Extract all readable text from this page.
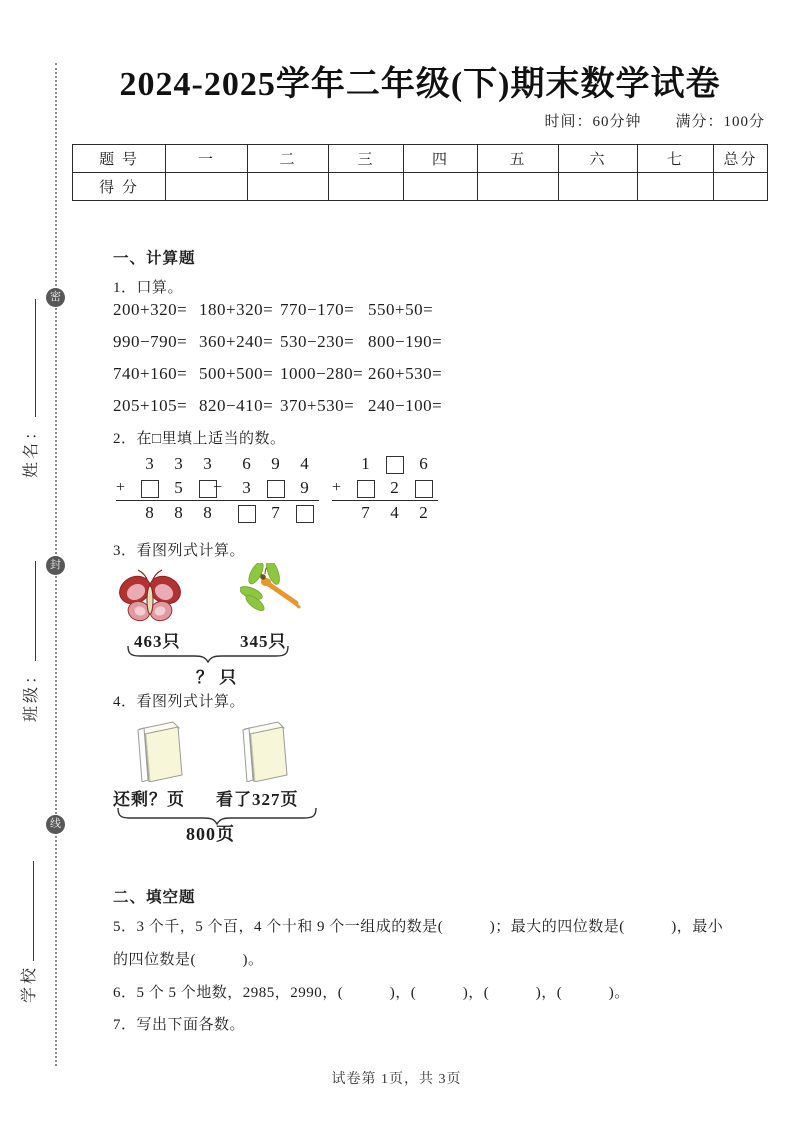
密
封
线
姓名：
班级：
学校
2024-2025学年二年级(下)期末数学试卷
时间：60分钟 满分：100分
题 号	一	二	三	四	五	六	七	总分
得 分								
一、计算题
1．口算。
200+320= 180+320= 770−170= 550+50=
990−790= 360+240= 530−230= 800−190=
740+160= 500+500= 1000−280= 260+530=
205+105= 820−410= 370+530= 240−100=
2．在□里填上适当的数。
	3	3	3
+		5	
	8	8	8
	6	9	4
−	3		9
		7	
	1		6
+		2	
	7	4	2
3．看图列式计算。
463只	345只
？ 只
4．看图列式计算。
还剩？页 看了327页
800页
二、填空题
5．3 个千，5 个百，4 个十和 9 个一组成的数是(　　　)；最大的四位数是(　　　)，最小
的四位数是(　　　)。
6．5 个 5 个地数，2985，2990，(　　　)，(　　　)，(　　　)，(　　　)。
7．写出下面各数。
试卷第 1页，共 3页
